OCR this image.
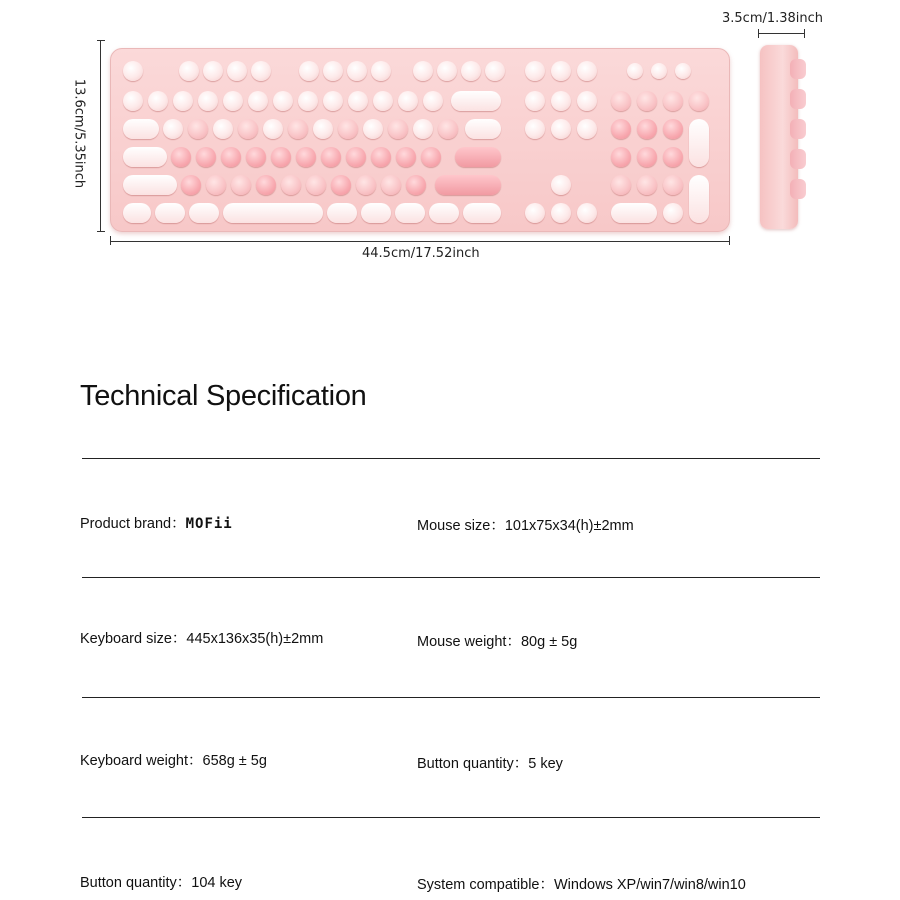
13.6cm/5.35inch
44.5cm/17.52inch
3.5cm/1.38inch
Technical Specification
Product brand：MOFii	Mouse size：101x75x34(h)±2mm
Keyboard size：445x136x35(h)±2mm	Mouse weight：80g ± 5g
Keyboard weight：658g ± 5g	Button quantity：5 key
Button quantity：104 key	System compatible：Windows XP/win7/win8/win10
